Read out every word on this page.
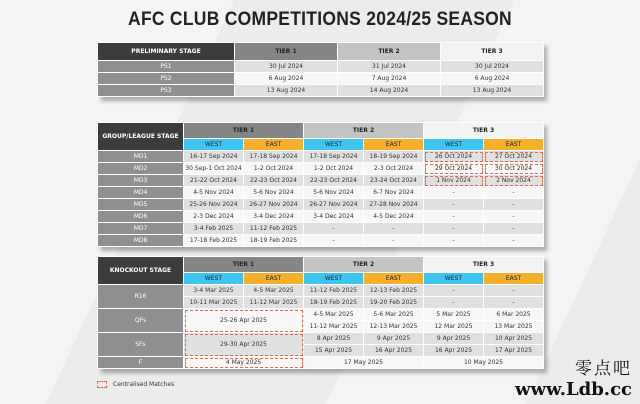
AFC CLUB COMPETITIONS 2024/25 SEASON
PRELIMINARY STAGE	TIER 1	TIER 2	TIER 3
PS1	30 Jul 2024	31 Jul 2024	30 Jul 2024
PS2	6 Aug 2024	7 Aug 2024	6 Aug 2024
PS3	13 Aug 2024	14 Aug 2024	13 Aug 2024
GROUP/LEAGUE STAGE	TIER 1		TIER 2		TIER 3	
	WEST	EAST	WEST	EAST	WEST	EAST
MD1	16-17 Sep 2024	17-18 Sep 2024	17-18 Sep 2024	18-19 Sep 2024	26 Oct 2024	27 Oct 2024
MD2	30 Sep-1 Oct 2024	1-2 Oct 2024	1-2 Oct 2024	2-3 Oct 2024	29 Oct 2024	30 Oct 2024
MD3	21-22 Oct 2024	22-23 Oct 2024	22-23 Oct 2024	23-24 Oct 2024	1 Nov 2024	2 Nov 2024
MD4	4-5 Nov 2024	5-6 Nov 2024	5-6 Nov 2024	6-7 Nov 2024	-	-
MD5	25-26 Nov 2024	26-27 Nov 2024	26-27 Nov 2024	27-28 Nov 2024	-	-
MD6	2-3 Dec 2024	3-4 Dec 2024	3-4 Dec 2024	4-5 Dec 2024	-	-
MD7	3-4 Feb 2025	11-12 Feb 2025	-	-	-	-
MD8	17-18 Feb 2025	18-19 Feb 2025	-	-	-	-
KNOCKOUT STAGE	TIER 1		TIER 2		TIER 3	
	WEST	EAST	WEST	EAST	WEST	EAST
R16	3-4 Mar 2025	4-5 Mar 2025	11-12 Feb 2025	12-13 Feb 2025	-	-
	10-11 Mar 2025	11-12 Mar 2025	18-19 Feb 2025	19-20 Feb 2025	-	-
QFs	25-26 Apr 2025		4-5 Mar 2025	5-6 Mar 2025	5 Mar 2025	6 Mar 2025
			11-12 Mar 2025	12-13 Mar 2025	12 Mar 2025	13 Mar 2025
SFs	29-30 Apr 2025		8 Apr 2025	9 Apr 2025	9 Apr 2025	10 Apr 2025
			15 Apr 2025	16 Apr 2025	16 Apr 2025	17 Apr 2025
F	4 May 2025		17 May 2025		10 May 2025	
Centralised Matches
零点吧
www.Ldb.cc
